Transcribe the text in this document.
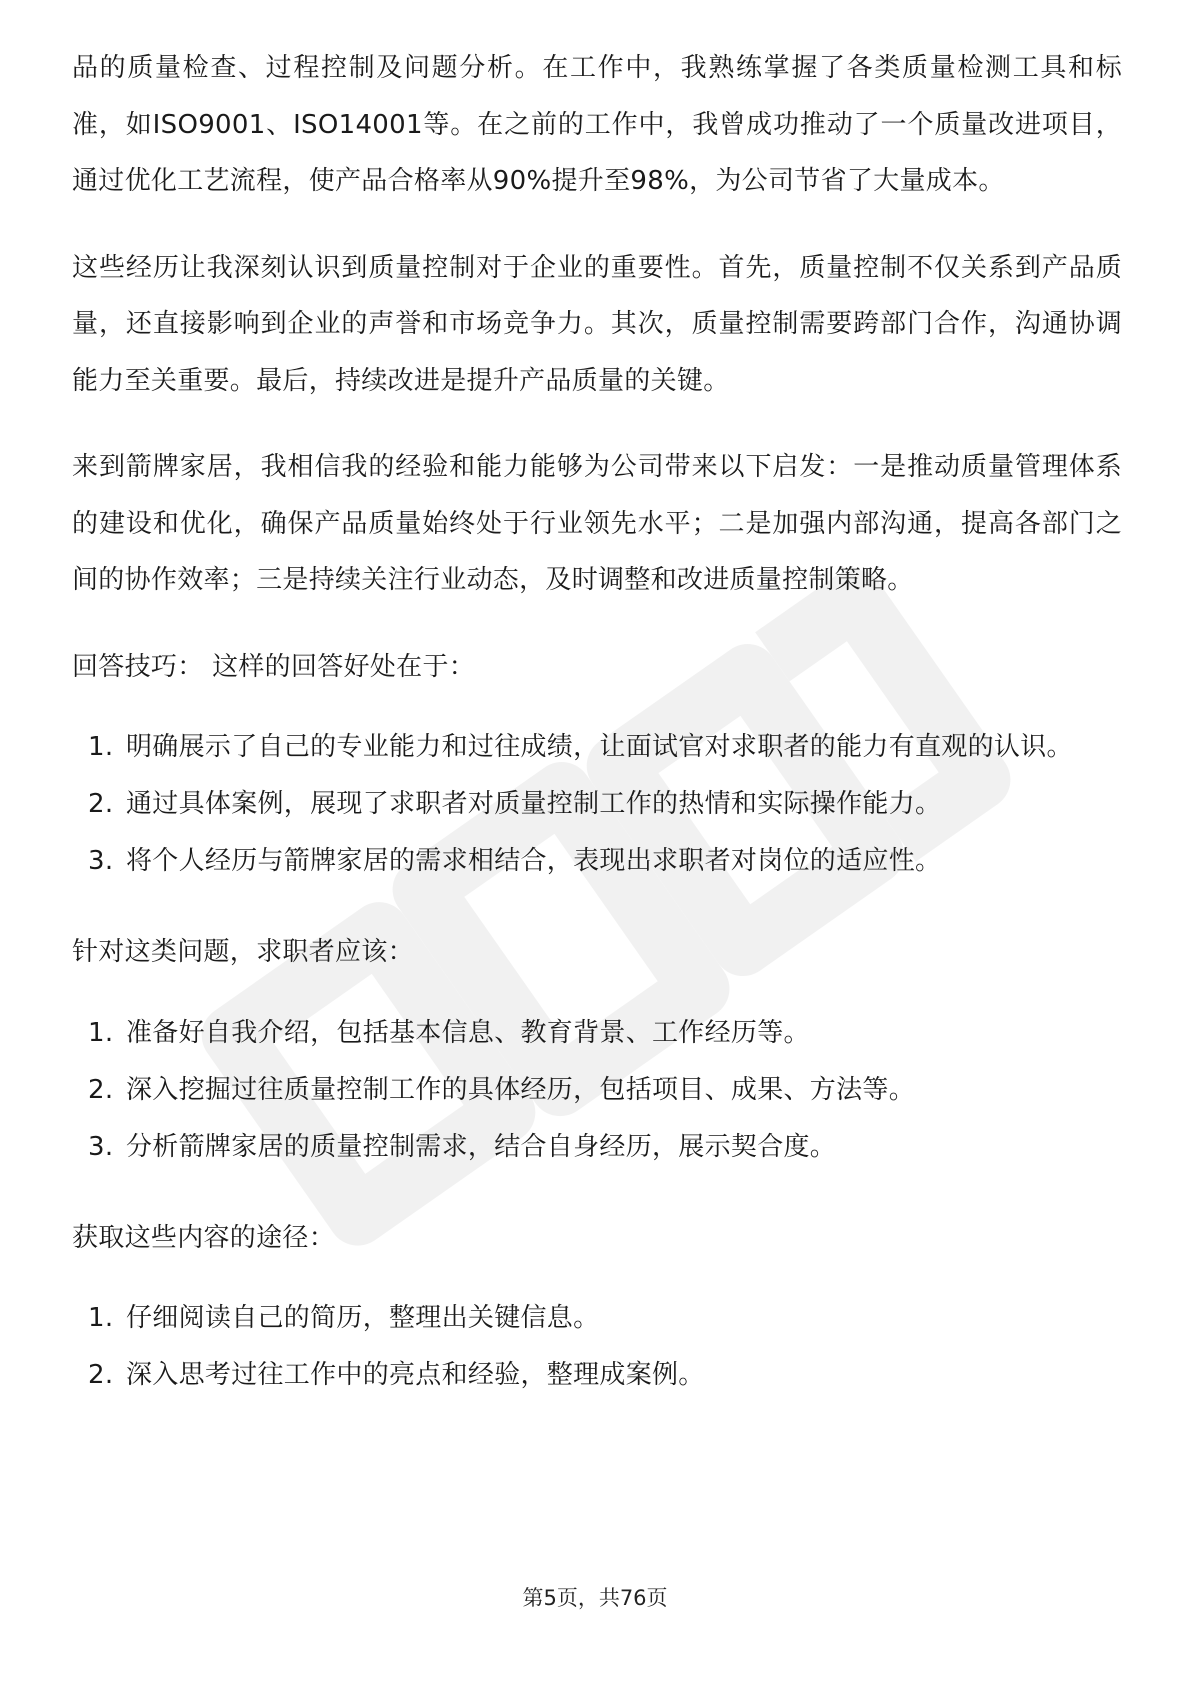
品的质量检查、过程控制及问题分析。在工作中，我熟练掌握了各类质量检测工具和标准，如ISO9001、ISO14001等。在之前的工作中，我曾成功推动了一个质量改进项目，通过优化工艺流程，使产品合格率从90%提升至98%，为公司节省了大量成本。

这些经历让我深刻认识到质量控制对于企业的重要性。首先，质量控制不仅关系到产品质量，还直接影响到企业的声誉和市场竞争力。其次，质量控制需要跨部门合作，沟通协调能力至关重要。最后，持续改进是提升产品质量的关键。

来到箭牌家居，我相信我的经验和能力能够为公司带来以下启发：一是推动质量管理体系的建设和优化，确保产品质量始终处于行业领先水平；二是加强内部沟通，提高各部门之间的协作效率；三是持续关注行业动态，及时调整和改进质量控制策略。

回答技巧： 这样的回答好处在于：

1. 明确展示了自己的专业能力和过往成绩，让面试官对求职者的能力有直观的认识。
2. 通过具体案例，展现了求职者对质量控制工作的热情和实际操作能力。
3. 将个人经历与箭牌家居的需求相结合，表现出求职者对岗位的适应性。

针对这类问题，求职者应该：

1. 准备好自我介绍，包括基本信息、教育背景、工作经历等。
2. 深入挖掘过往质量控制工作的具体经历，包括项目、成果、方法等。
3. 分析箭牌家居的质量控制需求，结合自身经历，展示契合度。

获取这些内容的途径：

1. 仔细阅读自己的简历，整理出关键信息。
2. 深入思考过往工作中的亮点和经验，整理成案例。
第5页，共76页
